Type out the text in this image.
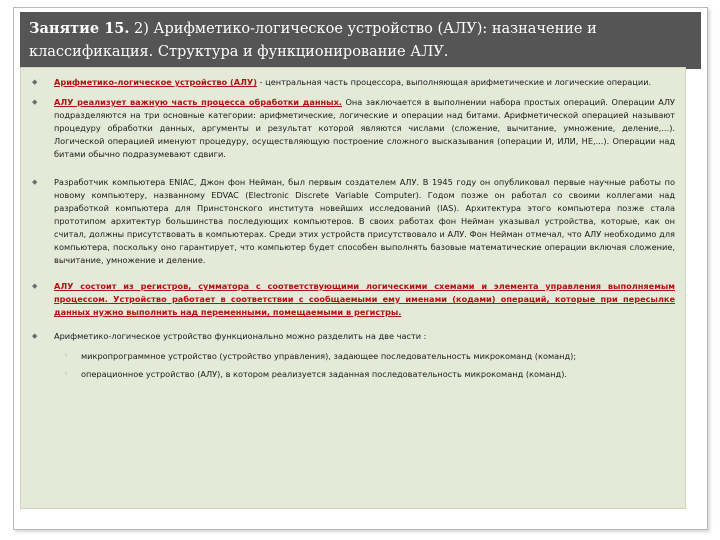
Занятие 15. 2) Арифметико-логическое устройство (АЛУ): назначение и классификация. Структура и функционирование АЛУ.

◆	Арифметико-логическое устройство (АЛУ) - центральная часть процессора, выполняющая арифметические и логические операции.
◆	АЛУ реализует важную часть процесса обработки данных. Она заключается в выполнении набора простых операций. Операции АЛУ подразделяются на три основные категории: арифметические, логические и операции над битами. Арифметической операцией называют процедуру обработки данных, аргументы и результат которой являются числами (сложение, вычитание, умножение, деление,...). Логической операцией именуют процедуру, осуществляющую построение сложного высказывания (операции И, ИЛИ, НЕ,...). Операции над битами обычно подразумевают сдвиги.
◆	Разработчик компьютера ENIAC, Джон фон Нейман, был первым создателем АЛУ. В 1945 году он опубликовал первые научные работы по новому компьютеру, названному EDVAC (Electronic Discrete Variable Computer). Годом позже он работал со своими коллегами над разработкой компьютера для Принстонского института новейших исследований (IAS). Архитектура этого компьютера позже стала прототипом архитектур большинства последующих компьютеров. В своих работах фон Нейман указывал устройства, которые, как он считал, должны присутствовать в компьютерах. Среди этих устройств присутствовало и АЛУ. Фон Нейман отмечал, что АЛУ необходимо для компьютера, поскольку оно гарантирует, что компьютер будет способен выполнять базовые математические операции включая сложение, вычитание, умножение и деление.
◆	АЛУ состоит из регистров, сумматора с соответствующими логическими схемами и элемента управления выполняемым процессом. Устройство работает в соответствии с сообщаемыми ему именами (кодами) операций, которые при пересылке данных нужно выполнить над переменными, помещаемыми в регистры.
◆	Арифметико-логическое устройство функционально можно разделить на две части :
◦ микропрограммное устройство (устройство управления), задающее последовательность микрокоманд (команд);
◦ операционное устройство (АЛУ), в котором реализуется заданная последовательность микрокоманд (команд).
